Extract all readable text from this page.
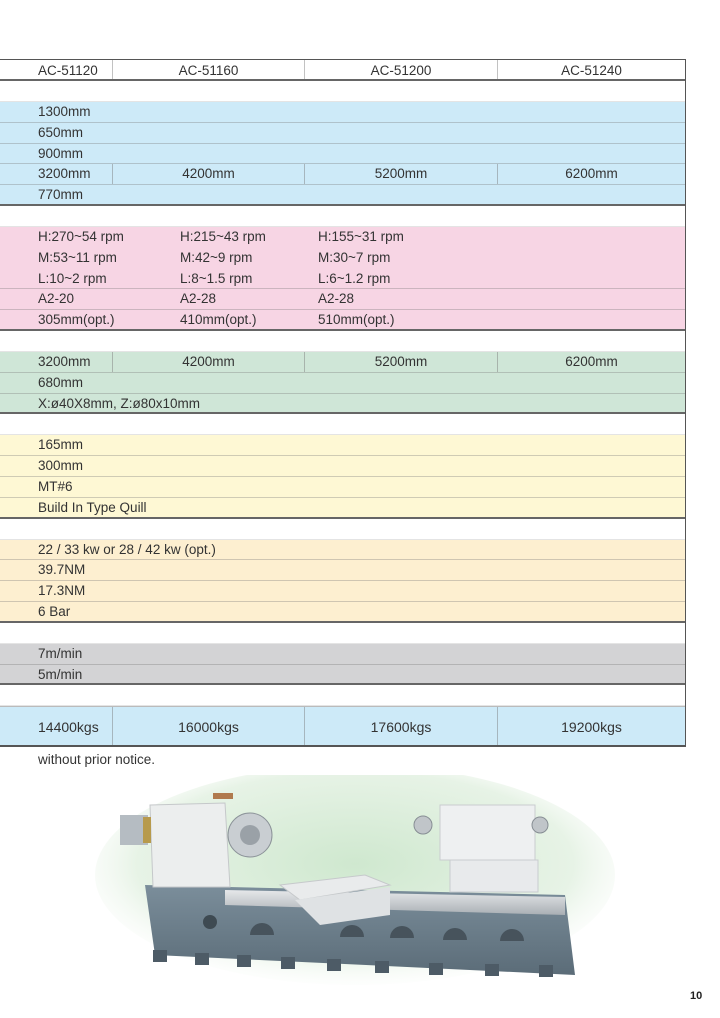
AC-51120	AC-51160	AC-51200	AC-51240
1300mm
650mm
900mm
3200mm	4200mm	5200mm	6200mm
770mm
H:270~54 rpm	H:215~43 rpm	H:155~31 rpm
M:53~11 rpm	M:42~9 rpm	M:30~7 rpm
L:10~2 rpm	L:8~1.5 rpm	L:6~1.2 rpm
A2-20	A2-28	A2-28
305mm(opt.)	410mm(opt.)	510mm(opt.)
3200mm	4200mm	5200mm	6200mm
680mm
X:ø40X8mm, Z:ø80x10mm
165mm
300mm
MT#6
Build In Type Quill
22 / 33 kw or 28 / 42 kw (opt.)
39.7NM
17.3NM
6 Bar
7m/min
5m/min
14400kgs	16000kgs	17600kgs	19200kgs
without prior notice.
10
